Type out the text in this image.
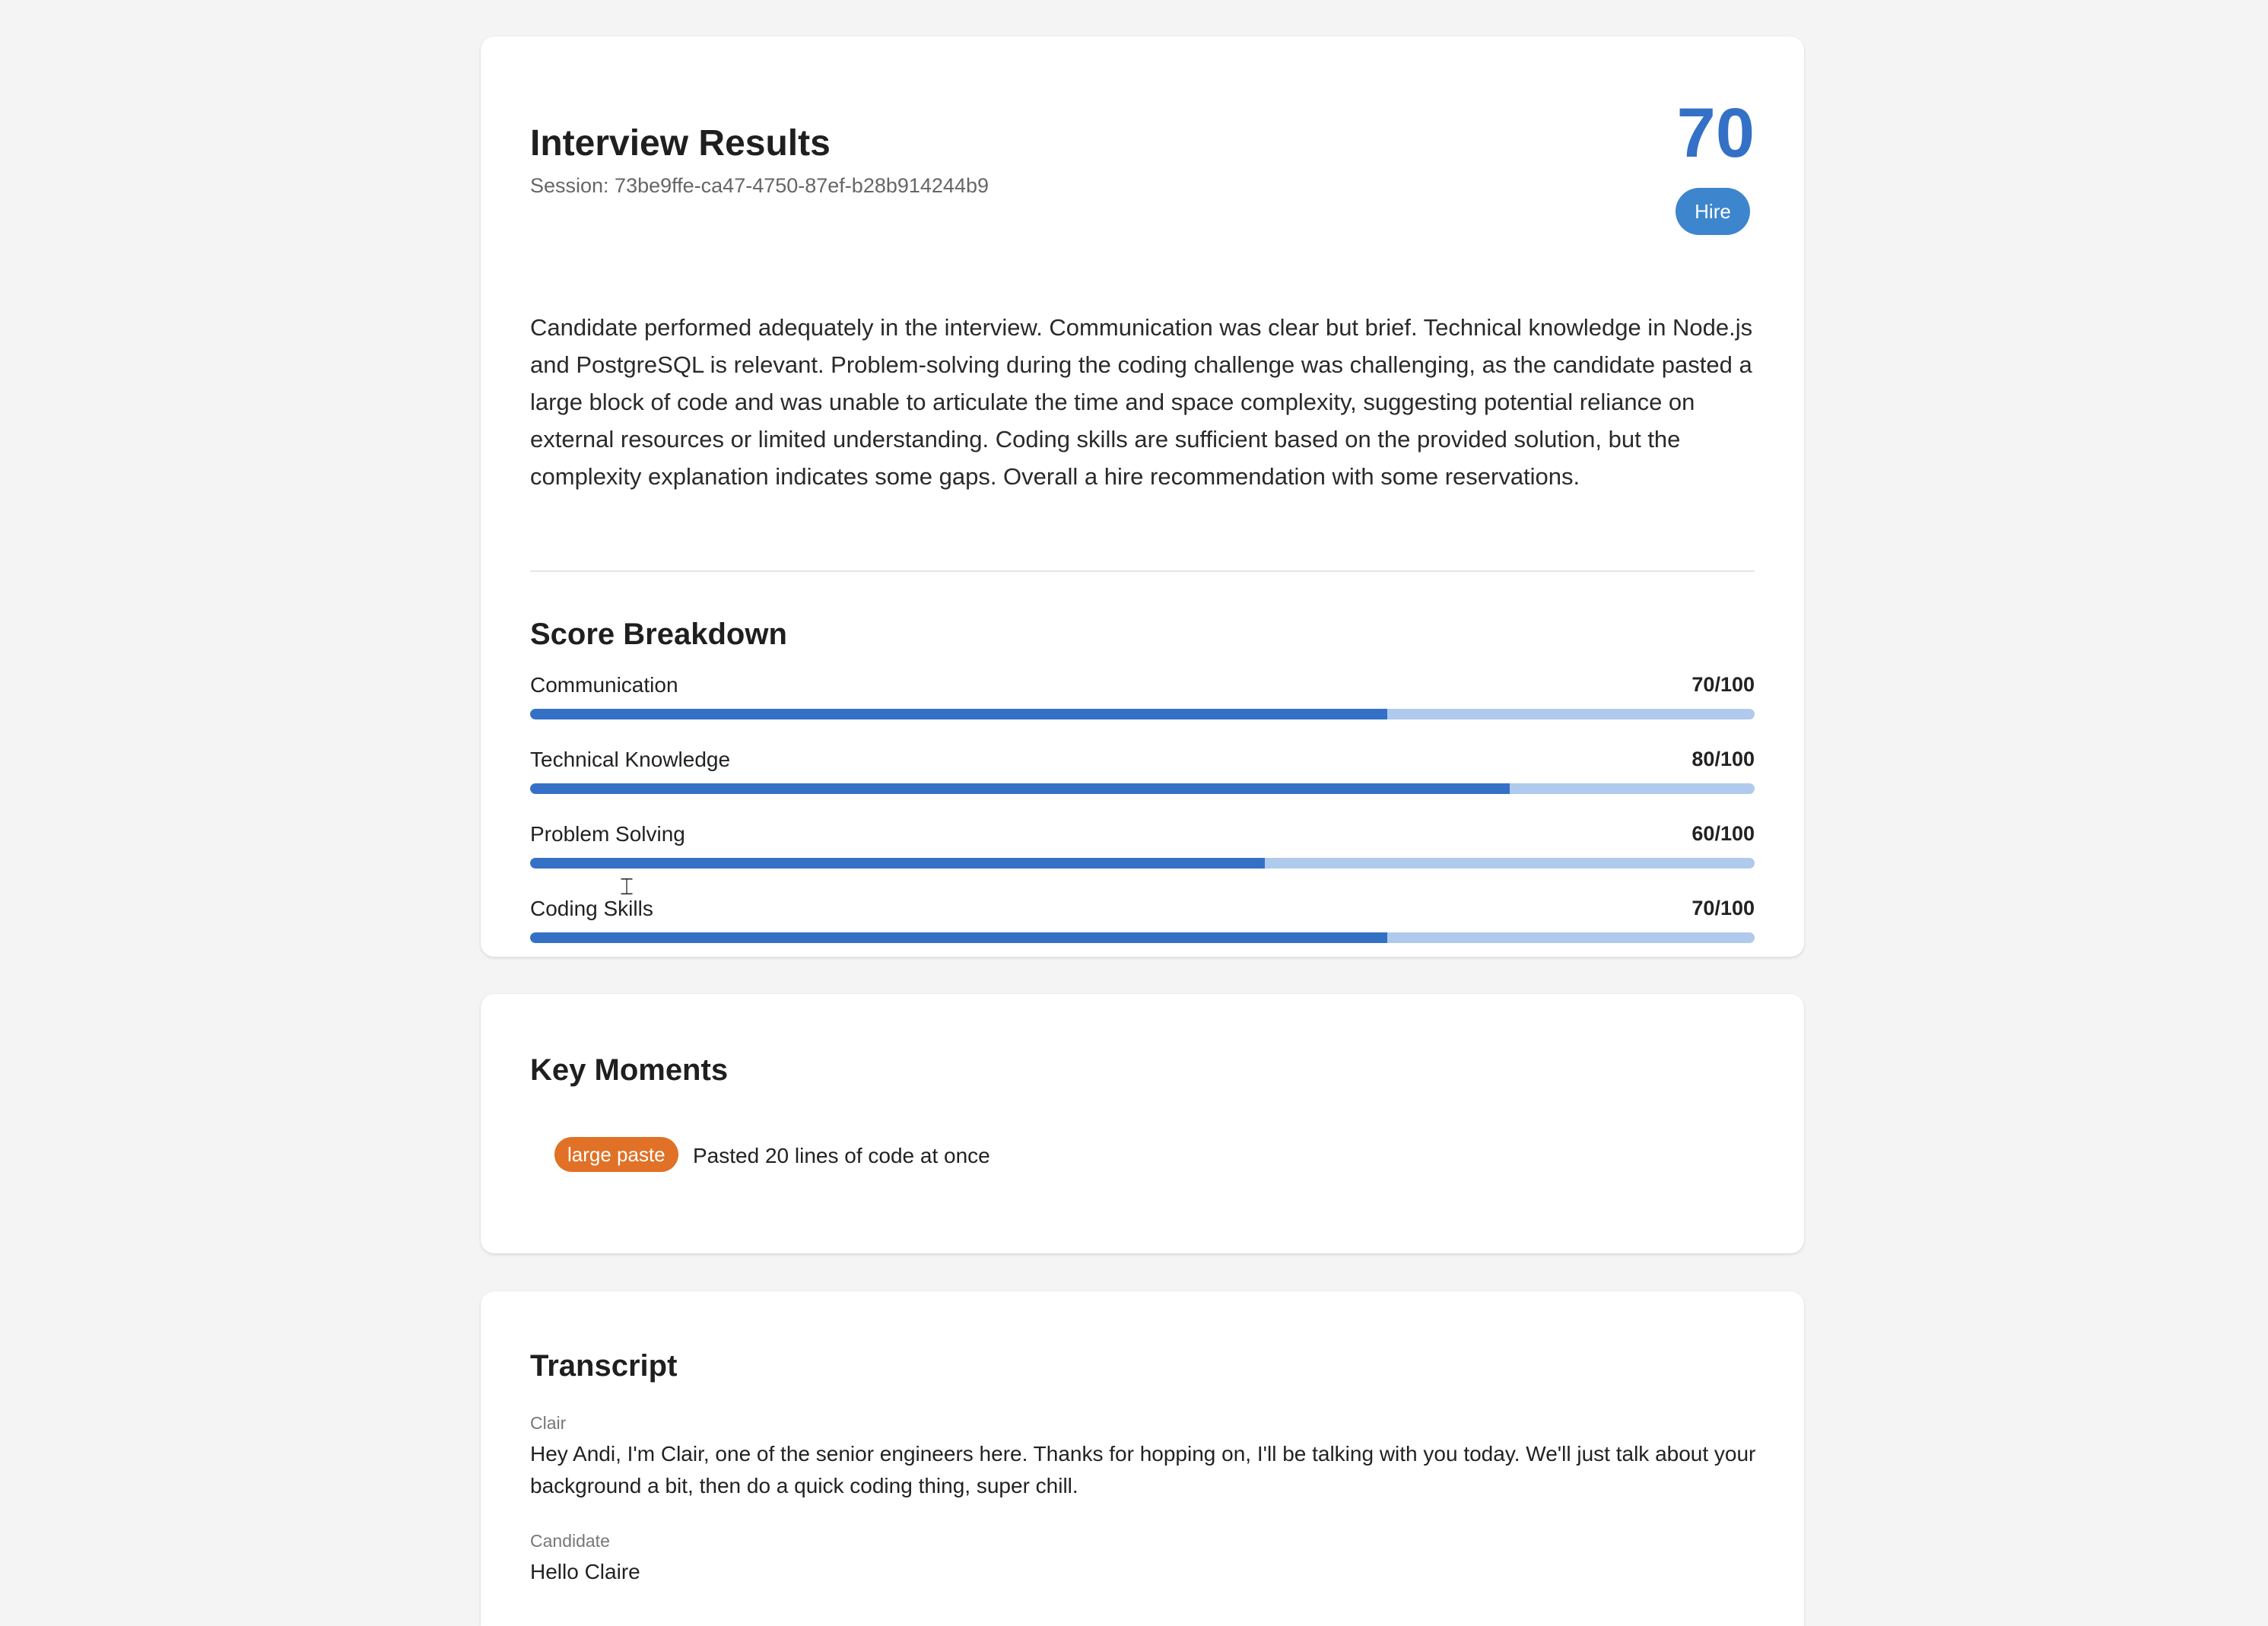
Interview Results
Session: 73be9ffe-ca47-4750-87ef-b28b914244b9
70
Hire

Candidate performed adequately in the interview. Communication was clear but brief. Technical knowledge in Node.js and PostgreSQL is relevant. Problem-solving during the coding challenge was challenging, as the candidate pasted a large block of code and was unable to articulate the time and space complexity, suggesting potential reliance on external resources or limited understanding. Coding skills are sufficient based on the provided solution, but the complexity explanation indicates some gaps. Overall a hire recommendation with some reservations.

Score Breakdown
Communication	70/100
Technical Knowledge	80/100
Problem Solving	60/100
Coding Skills	70/100
Key Moments
large paste	Pasted 20 lines of code at once
Transcript
Clair

Hey Andi, I'm Clair, one of the senior engineers here. Thanks for hopping on, I'll be talking with you today. We'll just talk about your background a bit, then do a quick coding thing, super chill.

Candidate

Hello Claire

⌶
